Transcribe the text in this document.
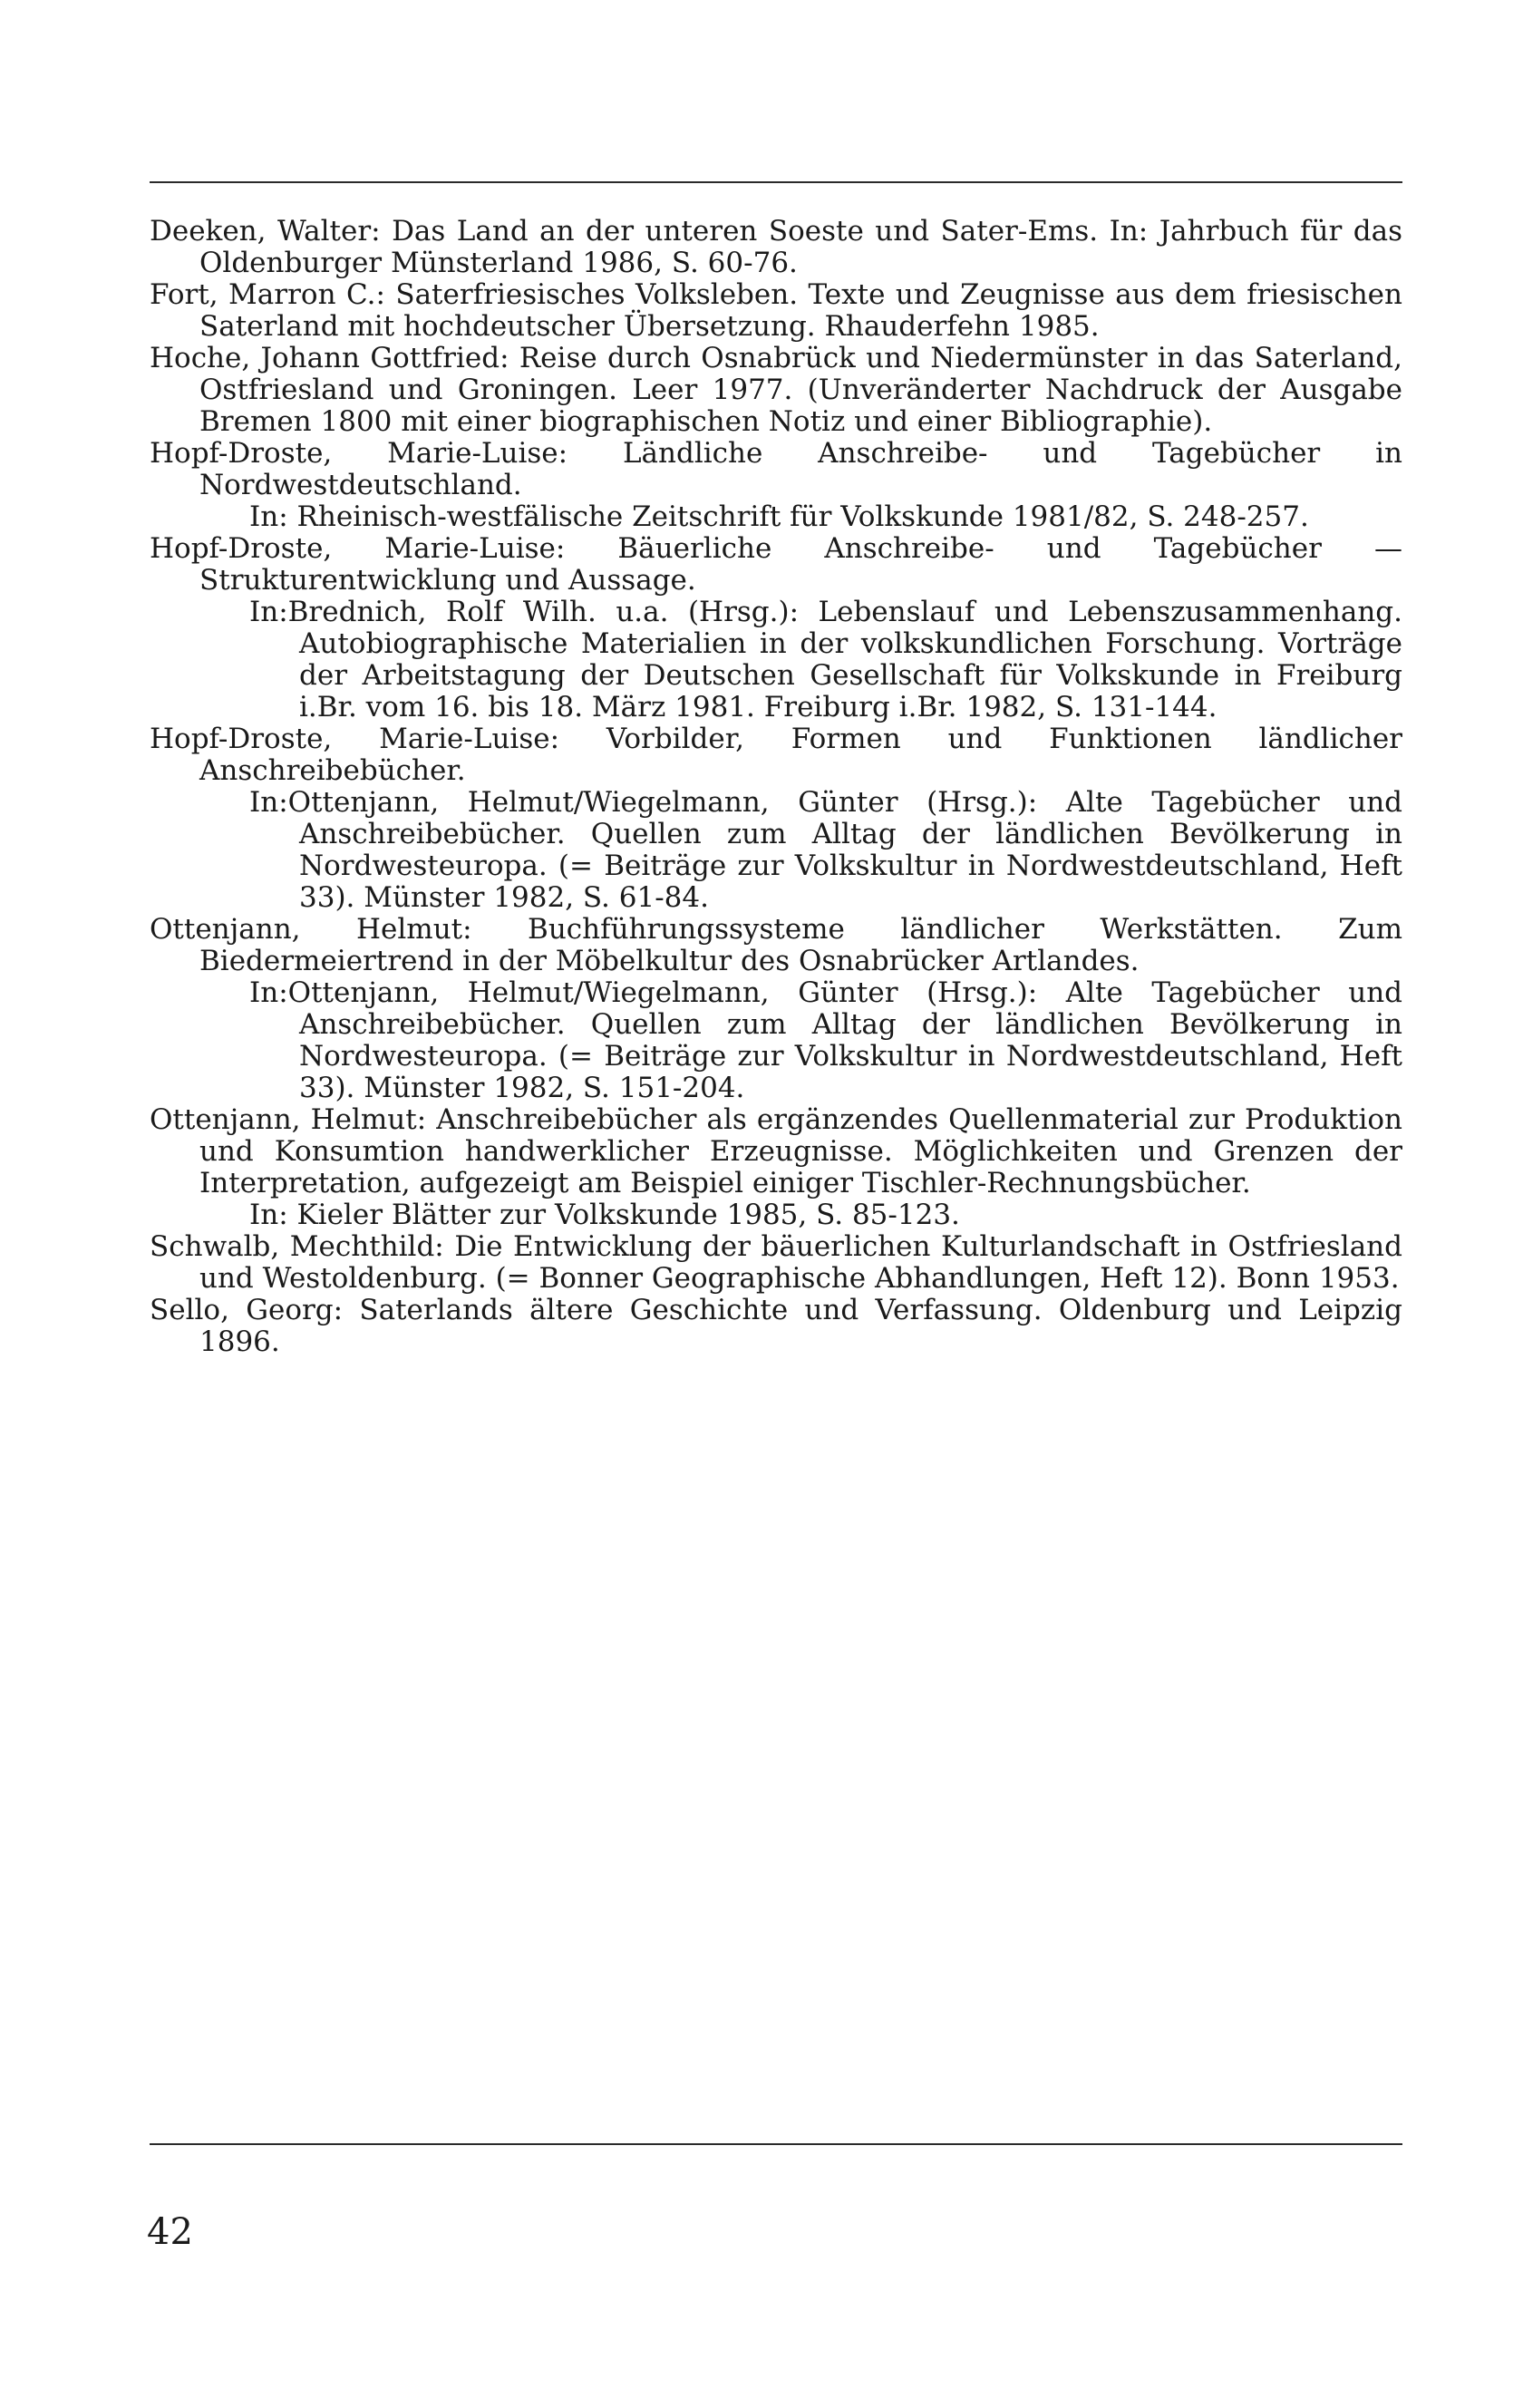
Deeken, Walter: Das Land an der unteren Soeste und Sater-Ems. In: Jahrbuch für das Oldenburger Münsterland 1986, S. 60-76.

Fort, Marron C.: Saterfriesisches Volksleben. Texte und Zeugnisse aus dem friesischen Saterland mit hochdeutscher Übersetzung. Rhauderfehn 1985.

Hoche, Johann Gottfried: Reise durch Osnabrück und Niedermünster in das Saterland, Ostfriesland und Groningen. Leer 1977. (Unveränderter Nachdruck der Ausgabe Bremen 1800 mit einer biographischen Notiz und einer Bibliographie).

Hopf-Droste, Marie-Luise: Ländliche Anschreibe- und Tagebücher in Nordwestdeutschland.
In: Rheinisch-westfälische Zeitschrift für Volkskunde 1981/82, S. 248-257.

Hopf-Droste, Marie-Luise: Bäuerliche Anschreibe- und Tagebücher — Strukturentwicklung und Aussage.
In:Brednich, Rolf Wilh. u.a. (Hrsg.): Lebenslauf und Lebenszusammenhang. Autobiographische Materialien in der volkskundlichen Forschung. Vorträge der Arbeitstagung der Deutschen Gesellschaft für Volkskunde in Freiburg i.Br. vom 16. bis 18. März 1981. Freiburg i.Br. 1982, S. 131-144.

Hopf-Droste, Marie-Luise: Vorbilder, Formen und Funktionen ländlicher Anschreibebücher.
In:Ottenjann, Helmut/Wiegelmann, Günter (Hrsg.): Alte Tagebücher und Anschreibebücher. Quellen zum Alltag der ländlichen Bevölkerung in Nordwesteuropa. (= Beiträge zur Volkskultur in Nordwestdeutschland, Heft 33). Münster 1982, S. 61-84.

Ottenjann, Helmut: Buchführungssysteme ländlicher Werkstätten. Zum Biedermeiertrend in der Möbelkultur des Osnabrücker Artlandes.
In:Ottenjann, Helmut/Wiegelmann, Günter (Hrsg.): Alte Tagebücher und Anschreibebücher. Quellen zum Alltag der ländlichen Bevölkerung in Nordwesteuropa. (= Beiträge zur Volkskultur in Nordwestdeutschland, Heft 33). Münster 1982, S. 151-204.

Ottenjann, Helmut: Anschreibebücher als ergänzendes Quellenmaterial zur Produktion und Konsumtion handwerklicher Erzeugnisse. Möglichkeiten und Grenzen der Interpretation, aufgezeigt am Beispiel einiger Tischler-Rechnungsbücher.
In: Kieler Blätter zur Volkskunde 1985, S. 85-123.

Schwalb, Mechthild: Die Entwicklung der bäuerlichen Kulturlandschaft in Ostfriesland und Westoldenburg. (= Bonner Geographische Abhandlungen, Heft 12). Bonn 1953.

Sello, Georg: Saterlands ältere Geschichte und Verfassung. Oldenburg und Leipzig 1896.

42
